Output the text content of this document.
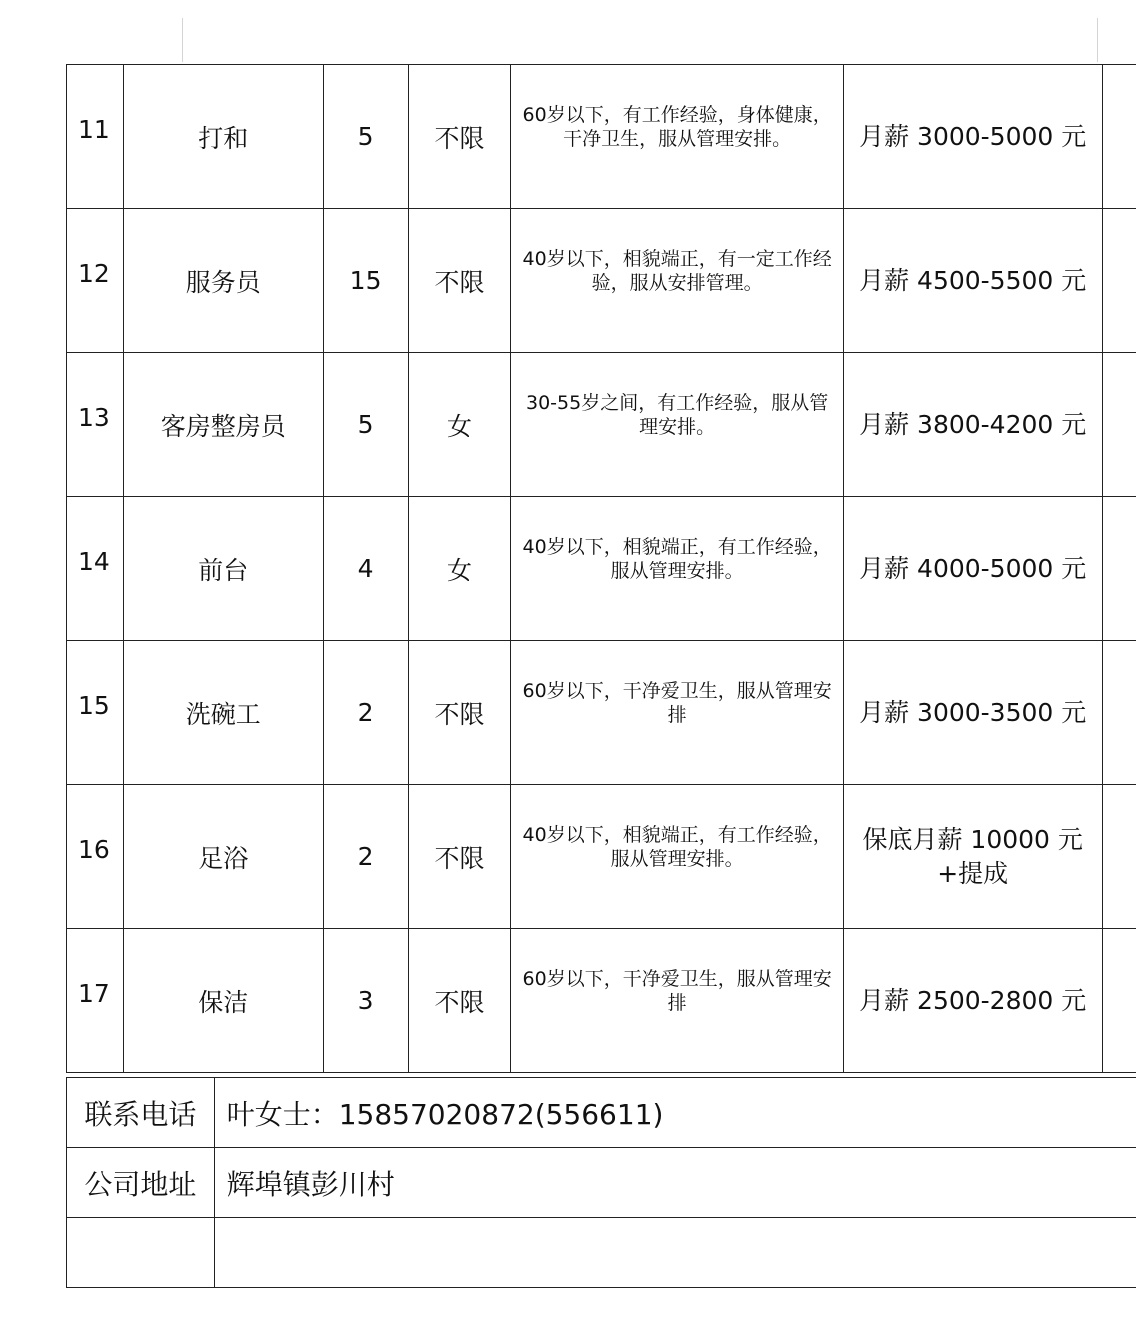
11	打和	5	不限	60岁以下，有工作经验，身体健康，干净卫生，服从管理安排。	月薪 3000-5000 元	

12	服务员	15	不限	40岁以下，相貌端正，有一定工作经验，服从安排管理。	月薪 4500-5500 元	

13	客房整房员	5	女	30-55岁之间，有工作经验，服从管理安排。	月薪 3800-4200 元	

14	前台	4	女	40岁以下，相貌端正，有工作经验，服从管理安排。	月薪 4000-5000 元	

15	洗碗工	2	不限	60岁以下，干净爱卫生，服从管理安排	月薪 3000-3500 元	

16	足浴	2	不限	40岁以下，相貌端正，有工作经验，服从管理安排。	保底月薪 10000 元
+提成	

17	保洁	3	不限	60岁以下，干净爱卫生，服从管理安排	月薪 2500-2800 元	

联系电话	叶女士：15857020872(556611)
公司地址	辉埠镇彭川村
